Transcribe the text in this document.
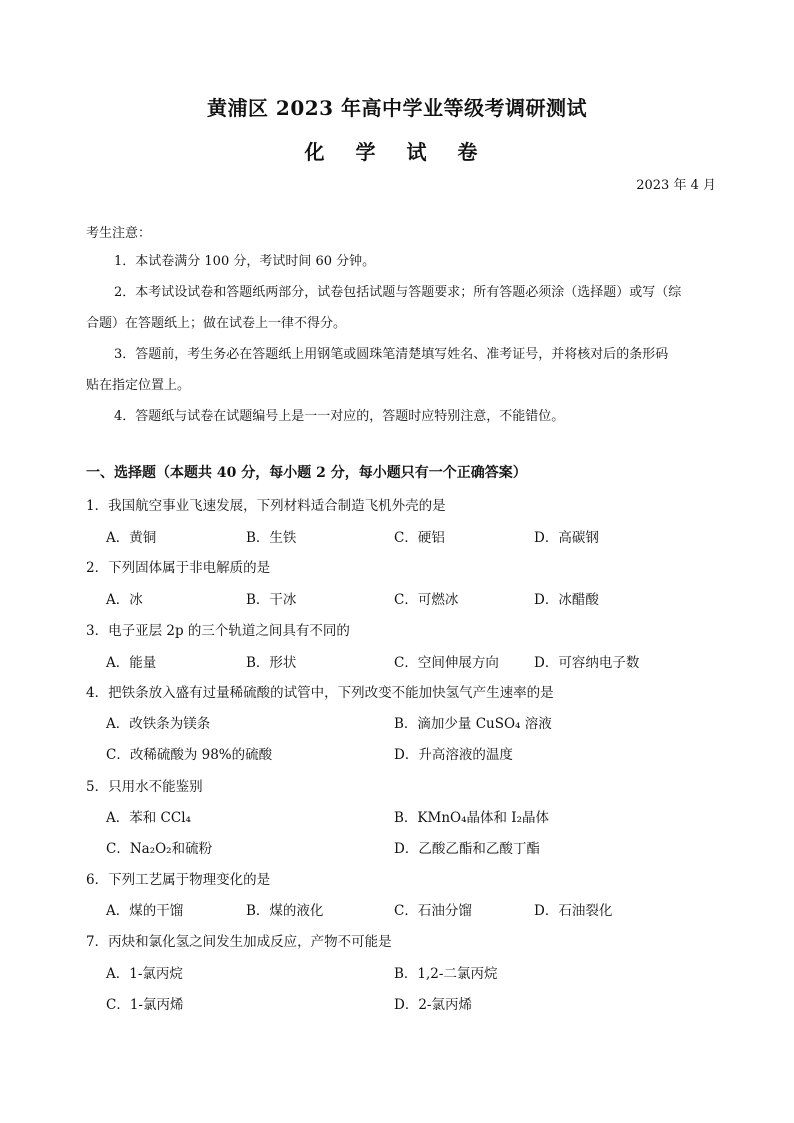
黄浦区 2023 年高中学业等级考调研测试
化 学 试 卷
2023 年 4 月
考生注意：
1．本试卷满分 100 分，考试时间 60 分钟。
2．本考试设试卷和答题纸两部分，试卷包括试题与答题要求；所有答题必须涂（选择题）或写（综
合题）在答题纸上；做在试卷上一律不得分。
3．答题前，考生务必在答题纸上用钢笔或圆珠笔清楚填写姓名、准考证号，并将核对后的条形码
贴在指定位置上。
4．答题纸与试卷在试题编号上是一一对应的，答题时应特别注意，不能错位。
一、选择题（本题共 40 分，每小题 2 分，每小题只有一个正确答案）
1．我国航空事业飞速发展，下列材料适合制造飞机外壳的是
A．黄铜	B．生铁	C．硬铝	D．高碳钢
2．下列固体属于非电解质的是
A．冰	B．干冰	C．可燃冰	D．冰醋酸
3．电子亚层 2p 的三个轨道之间具有不同的
A．能量	B．形状	C．空间伸展方向	D．可容纳电子数
4．把铁条放入盛有过量稀硫酸的试管中，下列改变不能加快氢气产生速率的是
A．改铁条为镁条	B．滴加少量 CuSO₄ 溶液
C．改稀硫酸为 98%的硫酸	D．升高溶液的温度
5．只用水不能鉴别
A．苯和 CCl₄	B．KMnO₄晶体和 I₂晶体
C．Na₂O₂和硫粉	D．乙酸乙酯和乙酸丁酯
6．下列工艺属于物理变化的是
A．煤的干馏	B．煤的液化	C．石油分馏	D．石油裂化
7．丙炔和氯化氢之间发生加成反应，产物不可能是
A．1-氯丙烷	B．1,2-二氯丙烷
C．1-氯丙烯	D．2-氯丙烯
